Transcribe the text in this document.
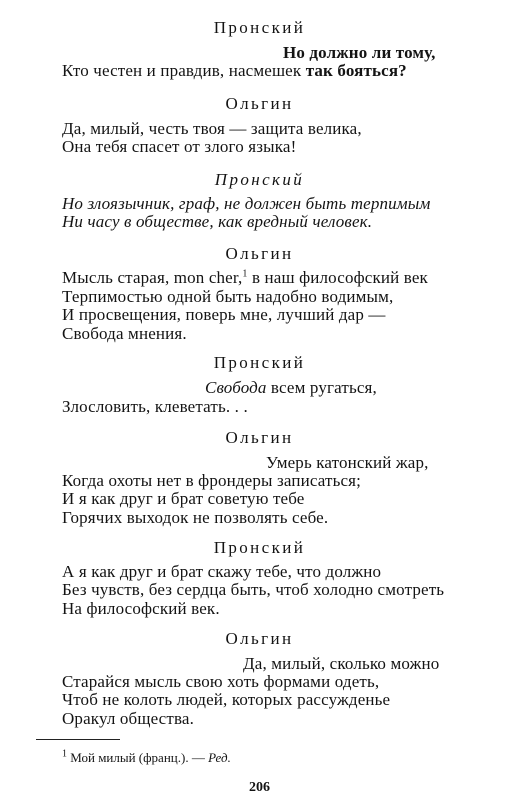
Пронский
Но должно ли тому,
Кто честен и правдив, насмешек так бояться?
Ольгин
Да, милый, честь твоя — защита велика,
Она тебя спасет от злого языка!
Пронский
Но злоязычник, граф, не должен быть терпимым
Ни часу в обществе, как вредный человек.
Ольгин
Мысль старая, mon cher,$^1$ в наш философский век
Терпимостью одной быть надобно водимым,
И просвещения, поверь мне, лучший дар —
Свобода мнения.
Пронский
Свобода всем ругаться,
Злословить, клеветать. . .
Ольгин
Умерь катонский жар,
Когда охоты нет в фрондеры записаться;
И я как друг и брат советую тебе
Горячих выходок не позволять себе.
Пронский
А я как друг и брат скажу тебе, что должно
Без чувств, без сердца быть, чтоб холодно смотреть
На философский век.
Ольгин
Да, милый, сколько можно
Старайся мысль свою хоть формами одеть,
Чтоб не колоть людей, которых рассужденье
Оракул общества.
$^1$ Мой милый (франц.). — Ред.
206
